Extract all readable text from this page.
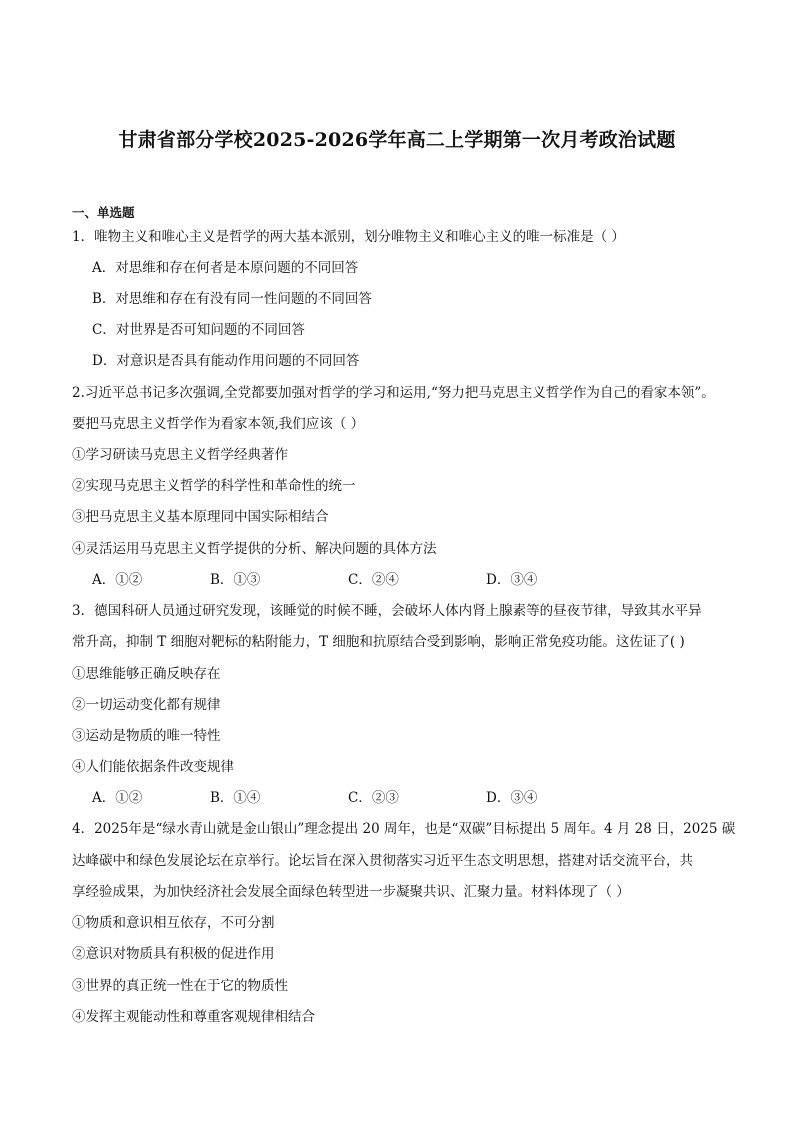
甘肃省部分学校2025-2026学年高二上学期第一次月考政治试题
一、单选题
1．唯物主义和唯心主义是哲学的两大基本派别，划分唯物主义和唯心主义的唯一标准是（ ）
A．对思维和存在何者是本原问题的不同回答
B．对思维和存在有没有同一性问题的不同回答
C．对世界是否可知问题的不同回答
D．对意识是否具有能动作用问题的不同回答
2.习近平总书记多次强调,全党都要加强对哲学的学习和运用,“努力把马克思主义哲学作为自己的看家本领”。
要把马克思主义哲学作为看家本领,我们应该（ ）
①学习研读马克思主义哲学经典著作
②实现马克思主义哲学的科学性和革命性的统一
③把马克思主义基本原理同中国实际相结合
④灵活运用马克思主义哲学提供的分析、解决问题的具体方法
A．①②	B．①③	C．②④	D．③④
3．德国科研人员通过研究发现，该睡觉的时候不睡，会破坏人体内肾上腺素等的昼夜节律，导致其水平异
常升高，抑制 T 细胞对靶标的粘附能力，T 细胞和抗原结合受到影响，影响正常免疫功能。这佐证了( )
①思维能够正确反映存在
②一切运动变化都有规律
③运动是物质的唯一特性
④人们能依据条件改变规律
A．①②	B．①④	C．②③	D．③④
4．2025年是“绿水青山就是金山银山”理念提出 20 周年，也是“双碳”目标提出 5 周年。4 月 28 日，2025 碳
达峰碳中和绿色发展论坛在京举行。论坛旨在深入贯彻落实习近平生态文明思想，搭建对话交流平台，共
享经验成果，为加快经济社会发展全面绿色转型进一步凝聚共识、汇聚力量。材料体现了（ ）
①物质和意识相互依存，不可分割
②意识对物质具有积极的促进作用
③世界的真正统一性在于它的物质性
④发挥主观能动性和尊重客观规律相结合
